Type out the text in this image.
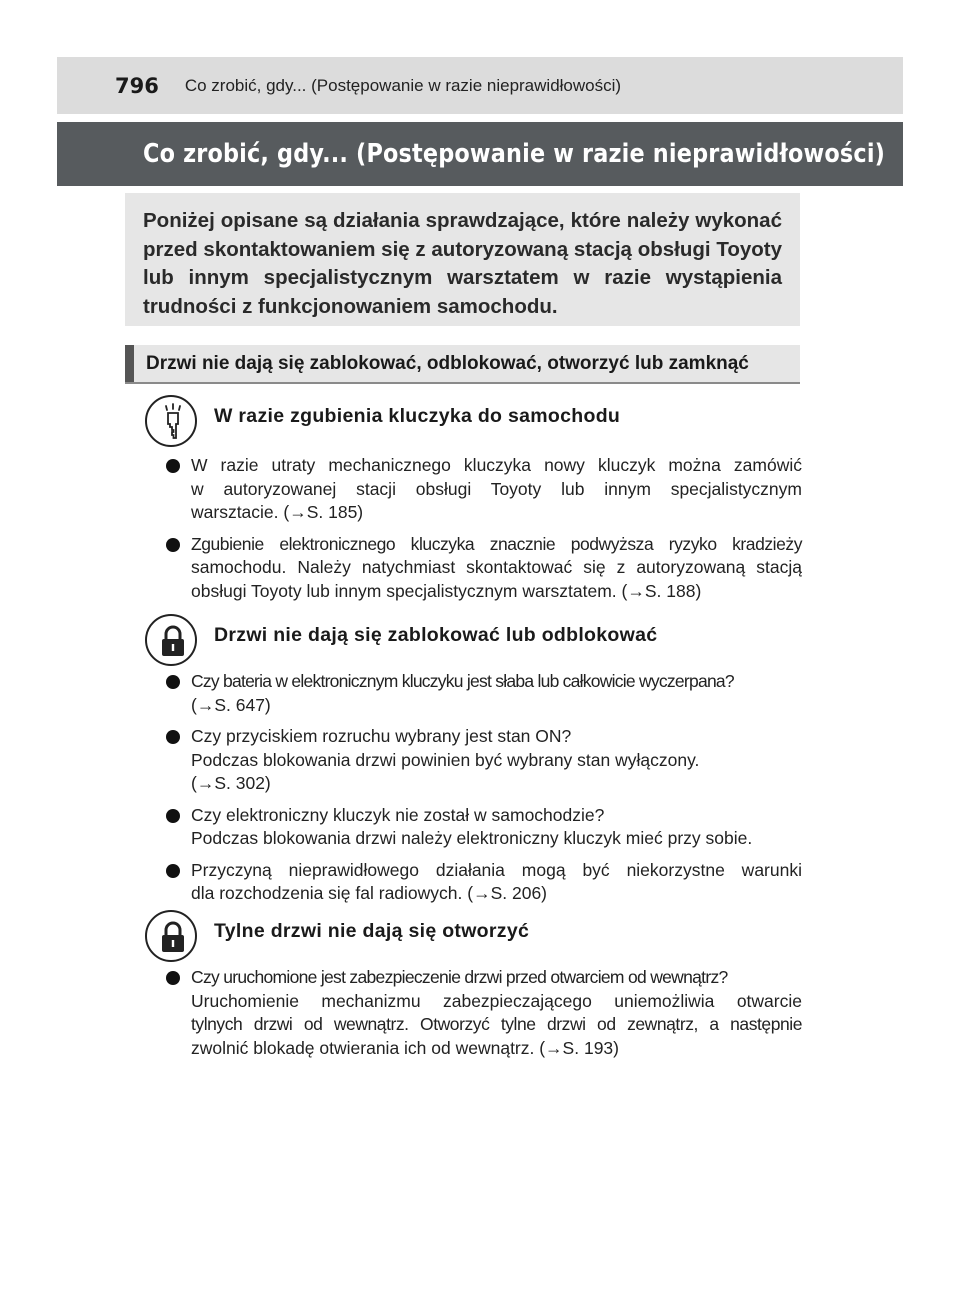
796 Co zrobić, gdy... (Postępowanie w razie nieprawidłowości)
Co zrobić, gdy... (Postępowanie w razie nieprawidłowości)

Poniżej opisane są działania sprawdzające, które należy wykonać przed skontaktowaniem się z autoryzowaną stacją obsługi Toyoty lub innym specjalistycznym warsztatem w razie wystąpienia trudności z funkcjonowaniem samochodu.

Drzwi nie dają się zablokować, odblokować, otworzyć lub zamknąć
W razie zgubienia kluczyka do samochodu
W razie utraty mechanicznego kluczyka nowy kluczyk można zamówić
w autoryzowanej stacji obsługi Toyoty lub innym specjalistycznym
warsztacie. (→S. 185)
Zgubienie elektronicznego kluczyka znacznie podwyższa ryzyko kradzieży
samochodu. Należy natychmiast skontaktować się z autoryzowaną stacją
obsługi Toyoty lub innym specjalistycznym warsztatem. (→S. 188)
Drzwi nie dają się zablokować lub odblokować
Czy bateria w elektronicznym kluczyku jest słaba lub całkowicie wyczerpana?
(→S. 647)
Czy przyciskiem rozruchu wybrany jest stan ON?
Podczas blokowania drzwi powinien być wybrany stan wyłączony.
(→S. 302)
Czy elektroniczny kluczyk nie został w samochodzie?
Podczas blokowania drzwi należy elektroniczny kluczyk mieć przy sobie.
Przyczyną nieprawidłowego działania mogą być niekorzystne warunki
dla rozchodzenia się fal radiowych. (→S. 206)
Tylne drzwi nie dają się otworzyć
Czy uruchomione jest zabezpieczenie drzwi przed otwarciem od wewnątrz?
Uruchomienie mechanizmu zabezpieczającego uniemożliwia otwarcie
tylnych drzwi od wewnątrz. Otworzyć tylne drzwi od zewnątrz, a następnie
zwolnić blokadę otwierania ich od wewnątrz. (→S. 193)
